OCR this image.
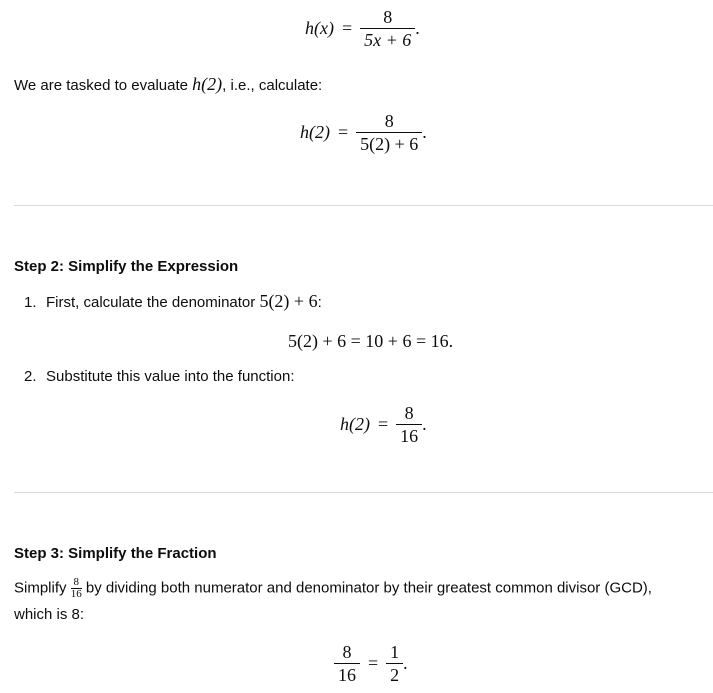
$h(x) = \frac{8}{5x + 6}$ .
We are tasked to evaluate h(2), i.e., calculate:
$h(2) = \frac{8}{5(2) + 6}$ .
Step 2: Simplify the Expression
1. First, calculate the denominator 5(2) + 6:
5(2) + 6 = 10 + 6 = 16.
2. Substitute this value into the function:
$h(2) = \frac{8}{16}$ .
Step 3: Simplify the Fraction
Simplify $\frac{8}{16}$ by dividing both numerator and denominator by their greatest common divisor (GCD),
which is 8:
$\frac{8}{16} = \frac{1}{2}$ .
